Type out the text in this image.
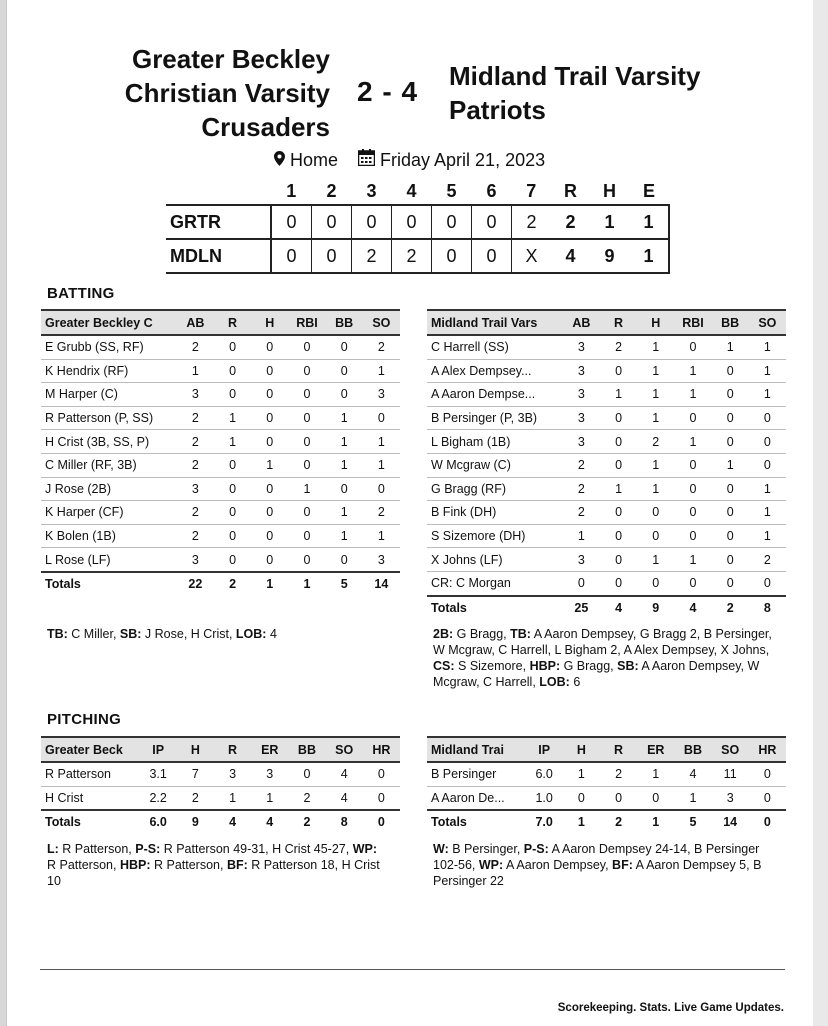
Greater Beckley Christian Varsity Crusaders
2 - 4 Midland Trail Varsity Patriots
Home	Friday April 21, 2023
	1	2	3	4	5	6	7	R	H	E
GRTR	0	0	0	0	0	0	2	2	1	1
MDLN	0	0	2	2	0	0	X	4	9	1
BATTING
Greater Beckley C	AB	R	H	RBI	BB	SO
E Grubb (SS, RF)	2	0	0	0	0	2
K Hendrix (RF)	1	0	0	0	0	1
M Harper (C)	3	0	0	0	0	3
R Patterson (P, SS)	2	1	0	0	1	0
H Crist (3B, SS, P)	2	1	0	0	1	1
C Miller (RF, 3B)	2	0	1	0	1	1
J Rose (2B)	3	0	0	1	0	0
K Harper (CF)	2	0	0	0	1	2
K Bolen (1B)	2	0	0	0	1	1
L Rose (LF)	3	0	0	0	0	3
Totals	22	2	1	1	5	14
Midland Trail Vars	AB	R	H	RBI	BB	SO
C Harrell (SS)	3	2	1	0	1	1
A Alex Dempsey...	3	0	1	1	0	1
A Aaron Dempse...	3	1	1	1	0	1
B Persinger (P, 3B)	3	0	1	0	0	0
L Bigham (1B)	3	0	2	1	0	0
W Mcgraw (C)	2	0	1	0	1	0
G Bragg (RF)	2	1	1	0	0	1
B Fink (DH)	2	0	0	0	0	1
S Sizemore (DH)	1	0	0	0	0	1
X Johns (LF)	3	0	1	1	0	2
CR: C Morgan	0	0	0	0	0	0
Totals	25	4	9	4	2	8
TB: C Miller, SB: J Rose, H Crist, LOB: 4	2B: G Bragg, TB: A Aaron Dempsey, G Bragg 2, B Persinger, W Mcgraw, C Harrell, L Bigham 2, A Alex Dempsey, X Johns, CS: S Sizemore, HBP: G Bragg, SB: A Aaron Dempsey, W Mcgraw, C Harrell, LOB: 6
PITCHING
Greater Beck	IP	H	R	ER	BB	SO	HR
R Patterson	3.1	7	3	3	0	4	0
H Crist	2.2	2	1	1	2	4	0
Totals	6.0	9	4	4	2	8	0
Midland Trai	IP	H	R	ER	BB	SO	HR
B Persinger	6.0	1	2	1	4	11	0
A Aaron De...	1.0	0	0	0	1	3	0
Totals	7.0	1	2	1	5	14	0
L: R Patterson, P-S: R Patterson 49-31, H Crist 45-27, WP: R Patterson, HBP: R Patterson, BF: R Patterson 18, H Crist 10
W: B Persinger, P-S: A Aaron Dempsey 24-14, B Persinger 102-56, WP: A Aaron Dempsey, BF: A Aaron Dempsey 5, B Persinger 22
Scorekeeping. Stats. Live Game Updates.
